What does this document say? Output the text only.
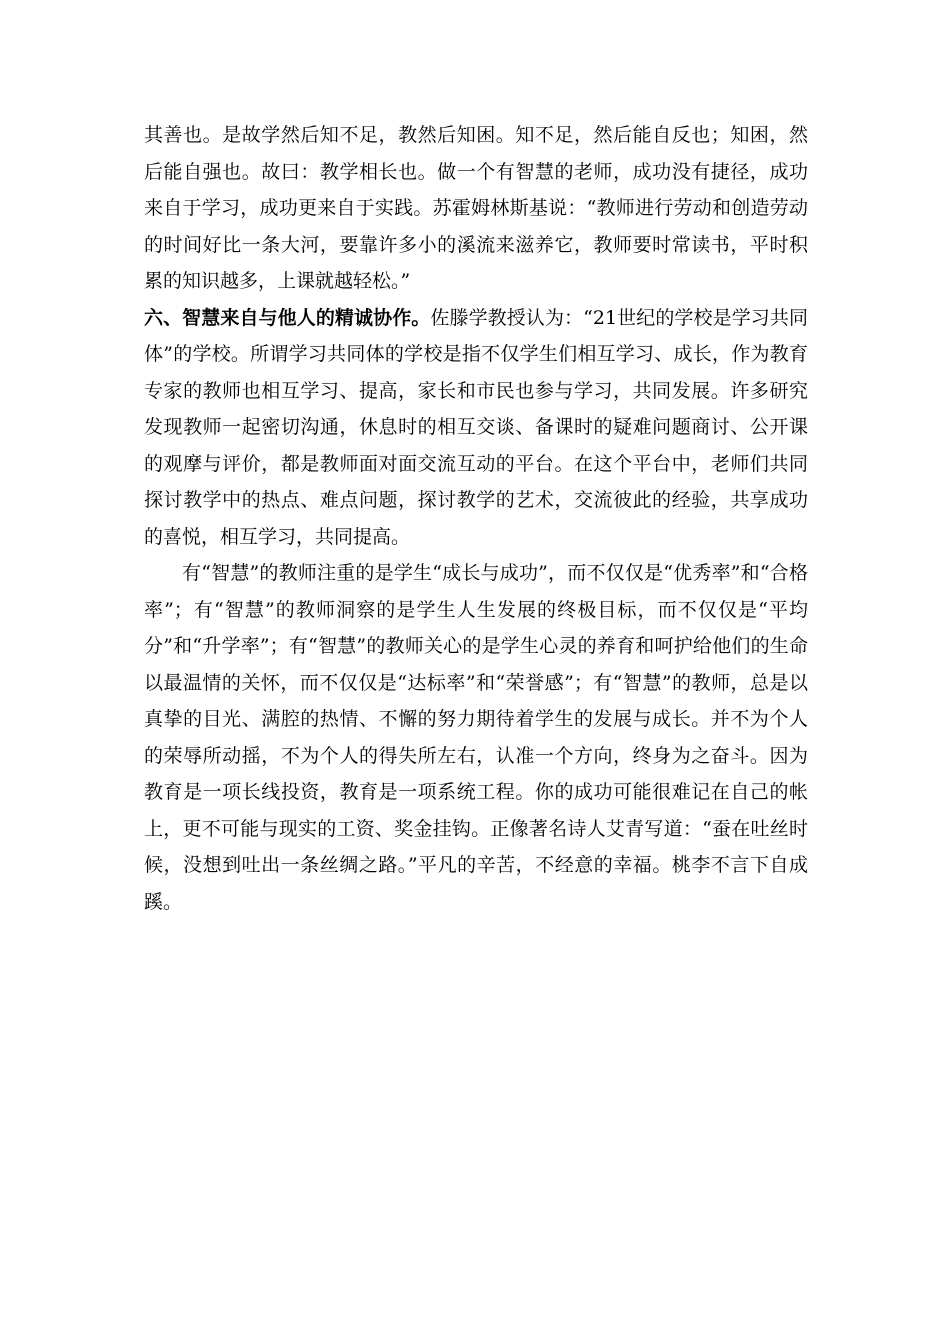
其善也。是故学然后知不足，教然后知困。知不足，然后能自反也；知困，然后能自强也。故曰：教学相长也。做一个有智慧的老师，成功没有捷径，成功来自于学习，成功更来自于实践。苏霍姆林斯基说：“教师进行劳动和创造劳动的时间好比一条大河，要靠许多小的溪流来滋养它，教师要时常读书，平时积累的知识越多，上课就越轻松。”

六、智慧来自与他人的精诚协作。佐滕学教授认为：“21世纪的学校是学习共同体”的学校。所谓学习共同体的学校是指不仅学生们相互学习、成长，作为教育专家的教师也相互学习、提高，家长和市民也参与学习，共同发展。许多研究发现教师一起密切沟通，休息时的相互交谈、备课时的疑难问题商讨、公开课的观摩与评价，都是教师面对面交流互动的平台。在这个平台中，老师们共同探讨教学中的热点、难点问题，探讨教学的艺术，交流彼此的经验，共享成功的喜悦，相互学习，共同提高。

有“智慧”的教师注重的是学生“成长与成功”，而不仅仅是“优秀率”和“合格率”；有“智慧”的教师洞察的是学生人生发展的终极目标，而不仅仅是“平均分”和“升学率”；有“智慧”的教师关心的是学生心灵的养育和呵护给他们的生命以最温情的关怀，而不仅仅是“达标率”和“荣誉感”；有“智慧”的教师，总是以真挚的目光、满腔的热情、不懈的努力期待着学生的发展与成长。并不为个人的荣辱所动摇，不为个人的得失所左右，认准一个方向，终身为之奋斗。因为教育是一项长线投资，教育是一项系统工程。你的成功可能很难记在自己的帐上，更不可能与现实的工资、奖金挂钩。正像著名诗人艾青写道：“蚕在吐丝时候，没想到吐出一条丝绸之路。”平凡的辛苦，不经意的幸福。桃李不言下自成蹊。
